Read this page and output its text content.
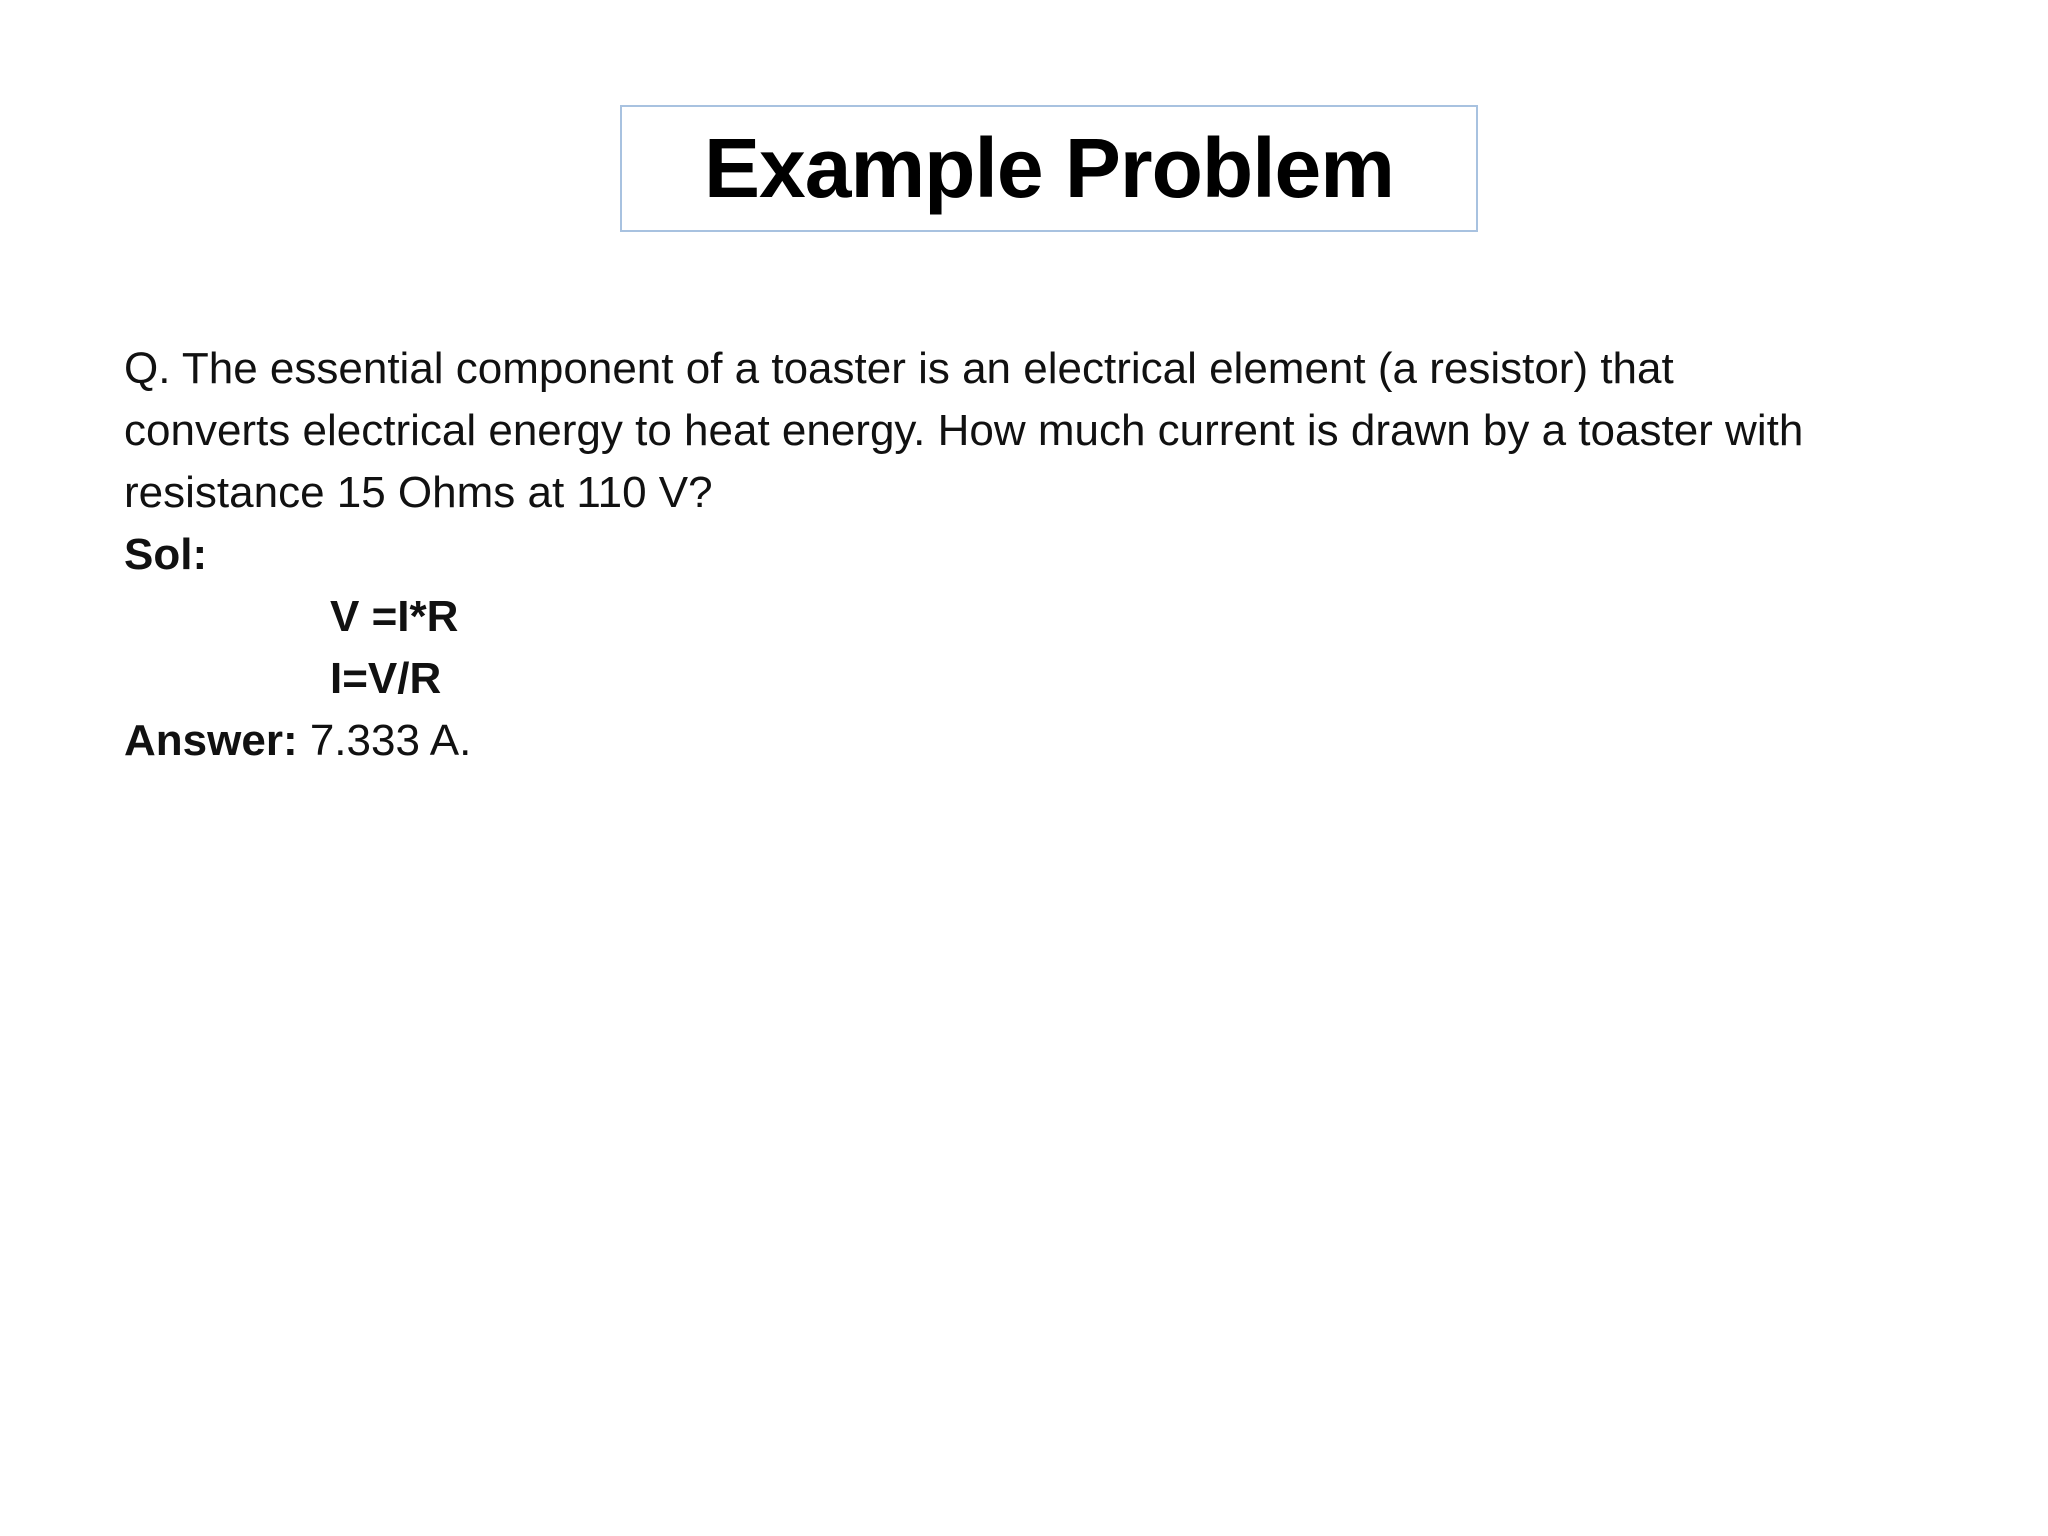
Example Problem
Q. The essential component of a toaster is an electrical element (a resistor) that
converts electrical energy to heat energy. How much current is drawn by a toaster with
resistance 15 Ohms at 110 V?
Sol:
V =I*R
I=V/R
Answer: 7.333 A.
